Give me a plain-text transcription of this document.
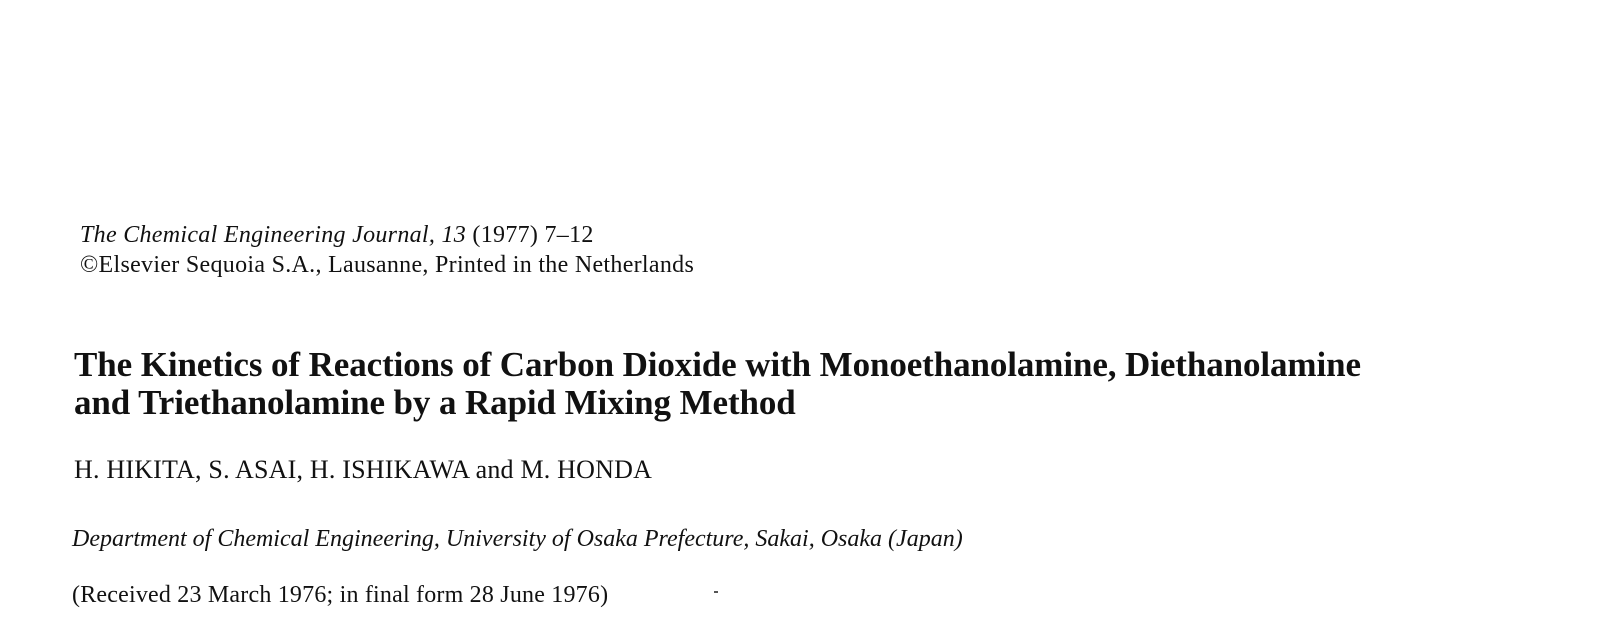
The Chemical Engineering Journal, 13 (1977) 7–12
©Elsevier Sequoia S.A., Lausanne, Printed in the Netherlands
The Kinetics of Reactions of Carbon Dioxide with Monoethanolamine, Diethanolamine
and Triethanolamine by a Rapid Mixing Method
H. HIKITA, S. ASAI, H. ISHIKAWA and M. HONDA
Department of Chemical Engineering, University of Osaka Prefecture, Sakai, Osaka (Japan)
(Received 23 March 1976; in final form 28 June 1976)
